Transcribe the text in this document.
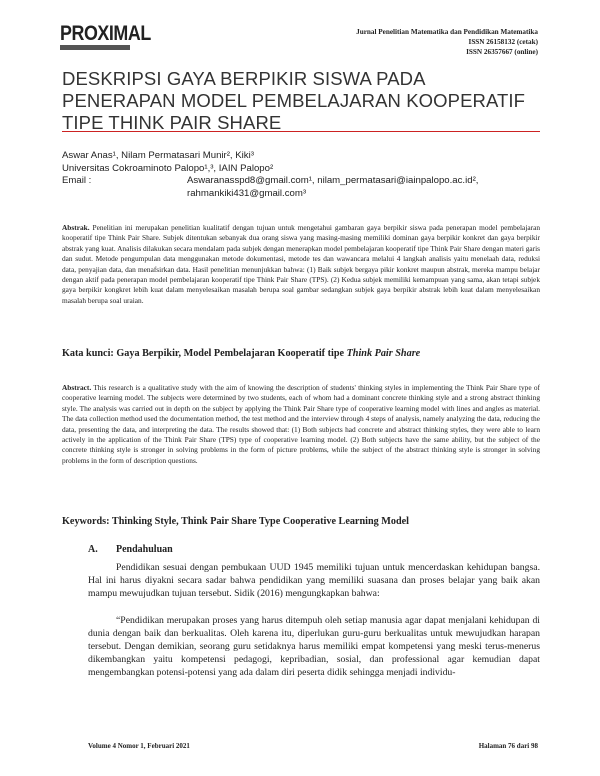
PROXIMAL	Jurnal Penelitian Matematika dan Pendidikan Matematika
ISSN 26158132 (cetak)
ISSN 26357667 (online)
DESKRIPSI GAYA BERPIKIR SISWA PADA
PENERAPAN MODEL PEMBELAJARAN KOOPERATIF
TIPE THINK PAIR SHARE
Aswar Anas¹, Nilam Permatasari Munir², Kiki³
Universitas Cokroaminoto Palopo¹,³, IAIN Palopo²
Email :	Aswaranasspd8@gmail.com¹, nilam_permatasari@iainpalopo.ac.id²,
rahmankiki431@gmail.com³
Abstrak. Penelitian ini merupakan penelitian kualitatif dengan tujuan untuk mengetahui gambaran gaya berpikir siswa pada penerapan model pembelajaran kooperatif tipe Think Pair Share. Subjek ditentukan sebanyak dua orang siswa yang masing-masing memiliki dominan gaya berpikir konkret dan gaya berpikir abstrak yang kuat. Analisis dilakukan secara mendalam pada subjek dengan menerapkan model pembelajaran kooperatif tipe Think Pair Share dengan materi garis dan sudut. Metode pengumpulan data menggunakan metode dokumentasi, metode tes dan wawancara melalui 4 langkah analisis yaitu menelaah data, reduksi data, penyajian data, dan menafsirkan data. Hasil penelitian menunjukkan bahwa: (1) Baik subjek bergaya pikir konkret maupun abstrak, mereka mampu belajar dengan aktif pada penerapan model pembelajaran kooperatif tipe Think Pair Share (TPS). (2) Kedua subjek memiliki kemampuan yang sama, akan tetapi subjek gaya berpikir kongkret lebih kuat dalam menyelesaikan masalah berupa soal gambar sedangkan subjek gaya berpikir abstrak lebih kuat dalam menyelesaikan masalah berupa soal uraian.
Kata kunci: Gaya Berpikir, Model Pembelajaran Kooperatif tipe Think Pair Share
Abstract. This research is a qualitative study with the aim of knowing the description of students' thinking styles in implementing the Think Pair Share type of cooperative learning model. The subjects were determined by two students, each of whom had a dominant concrete thinking style and a strong abstract thinking style. The analysis was carried out in depth on the subject by applying the Think Pair Share type of cooperative learning model with lines and angles as material. The data collection method used the documentation method, the test method and the interview through 4 steps of analysis, namely analyzing the data, reducing the data, presenting the data, and interpreting the data. The results showed that: (1) Both subjects had concrete and abstract thinking styles, they were able to learn actively in the application of the Think Pair Share (TPS) type of cooperative learning model. (2) Both subjects have the same ability, but the subject of the concrete thinking style is stronger in solving problems in the form of picture problems, while the subject of the abstract thinking style is stronger in solving problems in the form of description questions.
Keywords: Thinking Style, Think Pair Share Type Cooperative Learning Model
A. Pendahuluan
Pendidikan sesuai dengan pembukaan UUD 1945 memiliki tujuan untuk mencerdaskan kehidupan bangsa. Hal ini harus diyakni secara sadar bahwa pendidikan yang memiliki suasana dan proses belajar yang baik akan mampu mewujudkan tujuan tersebut. Sidik (2016) mengungkapkan bahwa:
“Pendidikan merupakan proses yang harus ditempuh oleh setiap manusia agar dapat menjalani kehidupan di dunia dengan baik dan berkualitas. Oleh karena itu, diperlukan guru-guru berkualitas untuk mewujudkan harapan tersebut. Dengan demikian, seorang guru setidaknya harus memiliki empat kompetensi yang meski terus-menerus dikembangkan yaitu kompetensi pedagogi, kepribadian, sosial, dan professional agar kemudian dapat mengembangkan potensi-potensi yang ada dalam diri peserta didik sehingga menjadi individu-
Volume 4 Nomor 1, Februari 2021	Halaman 76 dari 98
